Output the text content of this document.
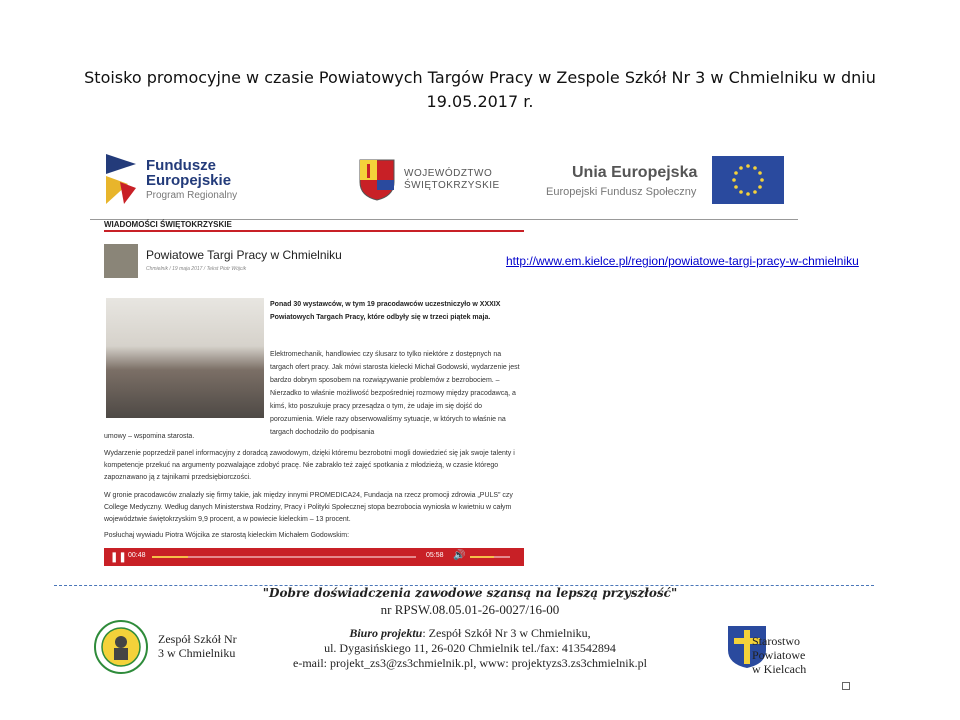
Stoisko promocyjne w czasie Powiatowych Targów Pracy w Zespole Szkół Nr 3 w Chmielniku w dniu 19.05.2017 r.
Fundusze
Europejskie
Program Regionalny
WOJEWÓDZTWO
ŚWIĘTOKRZYSKIE
Unia Europejska
Europejski Fundusz Społeczny
WIADOMOŚCI ŚWIĘTOKRZYSKIE
Powiatowe Targi Pracy w Chmielniku
Chmielnik / 19 maja 2017 / Tekst Piotr Wójcik
Ponad 30 wystawców, w tym 19 pracodawców uczestniczyło w XXXIX Powiatowych Targach Pracy, które odbyły się w trzeci piątek maja.
Elektromechanik, handlowiec czy ślusarz to tylko niektóre z dostępnych na targach ofert pracy. Jak mówi starosta kielecki Michał Godowski, wydarzenie jest bardzo dobrym sposobem na rozwiązywanie problemów z bezrobociem. – Nierzadko to właśnie możliwość bezpośredniej rozmowy między pracodawcą, a kimś, kto poszukuje pracy przesądza o tym, że udaje im się dojść do porozumienia. Wiele razy obserwowaliśmy sytuacje, w których to właśnie na targach dochodziło do podpisania
umowy – wspomina starosta.
Wydarzenie poprzedził panel informacyjny z doradcą zawodowym, dzięki któremu bezrobotni mogli dowiedzieć się jak swoje talenty i kompetencje przekuć na argumenty pozwalające zdobyć pracę. Nie zabrakło też zajęć spotkania z młodzieżą, w czasie którego zapoznawano ją z tajnikami przedsiębiorczości.
W gronie pracodawców znalazły się firmy takie, jak między innymi PROMEDICA24, Fundacja na rzecz promocji zdrowia „PULS” czy College Medyczny. Według danych Ministerstwa Rodziny, Pracy i Polityki Społecznej stopa bezrobocia wyniosła w kwietniu w całym województwie świętokrzyskim 9,9 procent, a w powiecie kieleckim – 13 procent.
Posłuchaj wywiadu Piotra Wójcika ze starostą kieleckim Michałem Godowskim:
❚❚ 00:48	05:58 🔊
http://www.em.kielce.pl/region/powiatowe-targi-pracy-w-chmielniku
"Dobre doświadczenia zawodowe szansą na lepszą przyszłość"
nr RPSW.08.05.01-26-0027/16-00
Biuro projektu: Zespół Szkół Nr 3 w Chmielniku,
ul. Dygasińskiego 11, 26-020 Chmielnik tel./fax: 413542894
e-mail: projekt_zs3@zs3chmielnik.pl, www: projektyzs3.zs3chmielnik.pl
Zespół Szkół Nr
3 w Chmielniku
Starostwo Powiatowe
w Kielcach
